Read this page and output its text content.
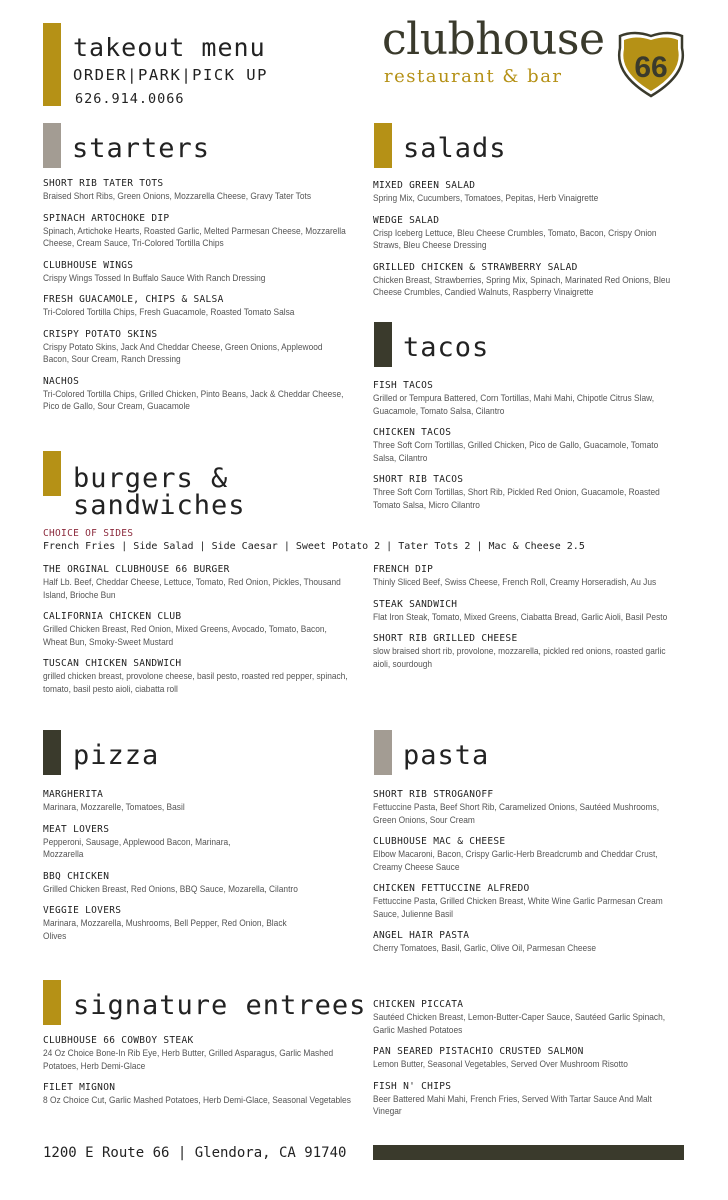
takeout menu
ORDER|PARK|PICK UP
626.914.0066
clubhouse
restaurant & bar 66
starters
SHORT RIB TATER TOTS
Braised Short Ribs, Green Onions, Mozzarella Cheese, Gravy Tater Tots
SPINACH ARTOCHOKE DIP
Spinach, Artichoke Hearts, Roasted Garlic, Melted Parmesan Cheese, Mozzarella Cheese, Cream Sauce, Tri-Colored Tortilla Chips
CLUBHOUSE WINGS
Crispy Wings Tossed In Buffalo Sauce With Ranch Dressing
FRESH GUACAMOLE, CHIPS & SALSA
Tri-Colored Tortilla Chips, Fresh Guacamole, Roasted Tomato Salsa
CRISPY POTATO SKINS
Crispy Potato Skins, Jack And Cheddar Cheese, Green Onions, Applewood Bacon, Sour Cream, Ranch Dressing
NACHOS
Tri-Colored Tortilla Chips, Grilled Chicken, Pinto Beans, Jack & Cheddar Cheese, Pico de Gallo, Sour Cream, Guacamole
salads
MIXED GREEN SALAD
Spring Mix, Cucumbers, Tomatoes, Pepitas, Herb Vinaigrette
WEDGE SALAD
Crisp Iceberg Lettuce, Bleu Cheese Crumbles, Tomato, Bacon, Crispy Onion Straws, Bleu Cheese Dressing
GRILLED CHICKEN & STRAWBERRY SALAD
Chicken Breast, Strawberries, Spring Mix, Spinach, Marinated Red Onions, Bleu Cheese Crumbles, Candied Walnuts, Raspberry Vinaigrette
tacos
FISH TACOS
Grilled or Tempura Battered, Corn Tortillas, Mahi Mahi, Chipotle Citrus Slaw, Guacamole, Tomato Salsa, Cilantro
CHICKEN TACOS
Three Soft Corn Tortillas, Grilled Chicken, Pico de Gallo, Guacamole, Tomato Salsa, Cilantro
SHORT RIB TACOS
Three Soft Corn Tortillas, Short Rib, Pickled Red Onion, Guacamole, Roasted Tomato Salsa, Micro Cilantro
burgers &
sandwiches
CHOICE OF SIDES
French Fries | Side Salad | Side Caesar | Sweet Potato 2 | Tater Tots 2 | Mac & Cheese 2.5
THE ORGINAL CLUBHOUSE 66 BURGER
Half Lb. Beef, Cheddar Cheese, Lettuce, Tomato, Red Onion, Pickles, Thousand Island, Brioche Bun
CALIFORNIA CHICKEN CLUB
Grilled Chicken Breast, Red Onion, Mixed Greens, Avocado, Tomato, Bacon, Wheat Bun, Smoky-Sweet Mustard
TUSCAN CHICKEN SANDWICH
grilled chicken breast, provolone cheese, basil pesto, roasted red pepper, spinach, tomato, basil pesto aioli, ciabatta roll
FRENCH DIP
Thinly Sliced Beef, Swiss Cheese, French Roll, Creamy Horseradish, Au Jus
STEAK SANDWICH
Flat Iron Steak, Tomato, Mixed Greens, Ciabatta Bread, Garlic Aioli, Basil Pesto
SHORT RIB GRILLED CHEESE
slow braised short rib, provolone, mozzarella, pickled red onions, roasted garlic aioli, sourdough
pizza
MARGHERITA
Marinara, Mozzarelle, Tomatoes, Basil
MEAT LOVERS
Pepperoni, Sausage, Applewood Bacon, Marinara, Mozzarella
BBQ CHICKEN
Grilled Chicken Breast, Red Onions, BBQ Sauce, Mozarella, Cilantro
VEGGIE LOVERS
Marinara, Mozzarella, Mushrooms, Bell Pepper, Red Onion, Black Olives
pasta
SHORT RIB STROGANOFF
Fettuccine Pasta, Beef Short Rib, Caramelized Onions, Sautéed Mushrooms, Green Onions, Sour Cream
CLUBHOUSE MAC & CHEESE
Elbow Macaroni, Bacon, Crispy Garlic-Herb Breadcrumb and Cheddar Crust, Creamy Cheese Sauce
CHICKEN FETTUCCINE ALFREDO
Fettuccine Pasta, Grilled Chicken Breast, White Wine Garlic Parmesan Cream Sauce, Julienne Basil
ANGEL HAIR PASTA
Cherry Tomatoes, Basil, Garlic, Olive Oil, Parmesan Cheese
signature entrees
CLUBHOUSE 66 COWBOY STEAK
24 Oz Choice Bone-In Rib Eye, Herb Butter, Grilled Asparagus, Garlic Mashed Potatoes, Herb Demi-Glace
FILET MIGNON
8 Oz Choice Cut, Garlic Mashed Potatoes, Herb Demi-Glace, Seasonal Vegetables
CHICKEN PICCATA
Sautéed Chicken Breast, Lemon-Butter-Caper Sauce, Sautéed Garlic Spinach, Garlic Mashed Potatoes
PAN SEARED PISTACHIO CRUSTED SALMON
Lemon Butter, Seasonal Vegetables, Served Over Mushroom Risotto
FISH N' CHIPS
Beer Battered Mahi Mahi, French Fries, Served With Tartar Sauce And Malt Vinegar
1200 E Route 66 | Glendora, CA 91740
